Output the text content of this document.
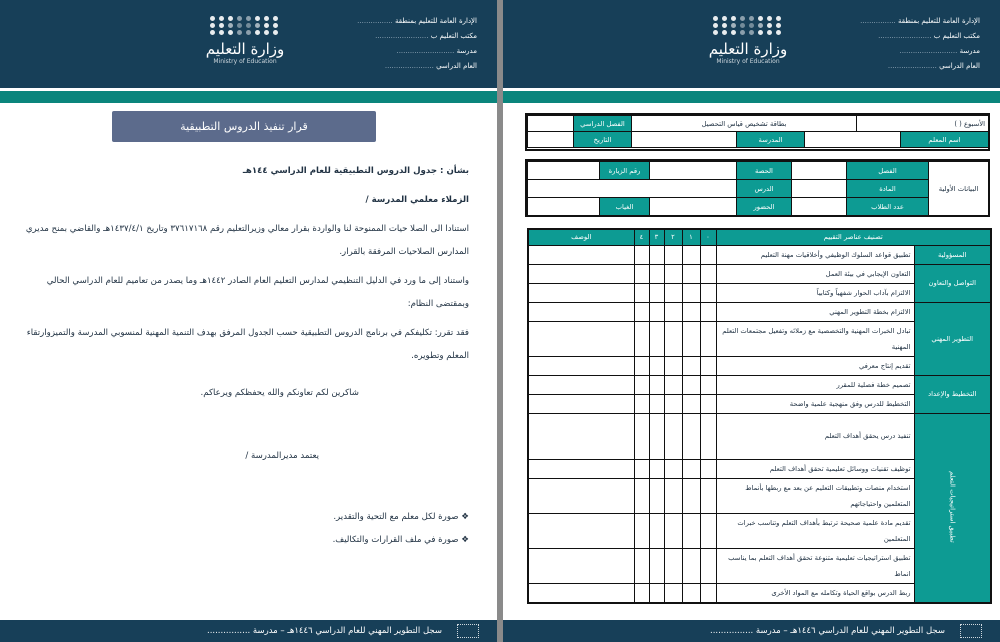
الإدارة العامة للتعليم بمنطقة ................
مكتب التعليم ب ........................
مدرسة ..........................
العام الدراسي ......................
وزارة التعليم
Ministry of Education
سجل التطوير المهني للعام الدراسي ١٤٤٦هـ – مدرسة ................
قرار تنفيذ الدروس التطبيقية

بشأن : جدول الدروس التطبيقية للعام الدراسي ١٤٤هـ

الزملاء معلمي المدرسة /

استنادا الى الصلا حيات الممنوحة لنا والواردة بقرار معالي وزيرالتعليم رقم ٣٧٦١٧١٦٨ وتاريخ ١٤٣٧/٤/١هـ والقاضي بمنح مديري المدارس الصلاحيات المرفقة بالقرار.

واستناد إلى ما ورد في الدليل التنظيمي لمدارس التعليم العام الصادر ١٤٤٢هـ وما يصدر من تعاميم للعام الدراسي الحالي وبمقتضى النظام:

فقد تقرر: تكليفكم في برنامج الدروس التطبيقية حسب الجدول المرفق بهدف التنمية المهنية لمنسوبي المدرسة والتميزوارتقاء المعلم وتطويره.

شاكرين لكم تعاونكم والله يحفظكم ويرعاكم.

يعتمد مديرالمدرسة /

❖ صورة لكل معلم مع التحية والتقدير.

❖ صورة في ملف القرارات والتكاليف.

الإدارة العامة للتعليم بمنطقة ................
مكتب التعليم ب ........................
مدرسة ..........................
العام الدراسي ......................
وزارة التعليم
Ministry of Education
سجل التطوير المهني للعام الدراسي ١٤٤٦هـ – مدرسة ................
الأسبوع ( )		بطاقة تشخيص قياس التحصيل			الفصل الدراسي	
اسم المعلم			المدرسة		التاريخ	
البيانات الأولية	الفصل		الحصة		رقم الزيارة	
	المادة		الدرس			
	عدد الطلاب		الحضور		الغياب	
تصنيف عناصر التقييم		٠	١	٢	٣	٤	الوصف
المسؤولية	تطبيق قواعد السلوك الوظيفي وأخلاقيات مهنة التعليم						
التواصل والتعاون	التعاون الإيجابي في بيئة العمل						
	الالتزام بآداب الحوار شفهياً وكتابياً						
التطوير المهني	الالتزام بخطة التطوير المهني						
	تبادل الخبرات المهنية والتخصصية مع زملائه وتفعيل مجتمعات التعلم المهنية						
	تقديم إنتاج معرفي						
التخطيط والإعداد	تصميم خطة فصلية للمقرر						
	التخطيط للدرس وفق منهجية علمية واضحة						
تطبيق استراتيجيات التعلم	تنفيذ درس يحقق أهداف التعلم						
	توظيف تقنيات ووسائل تعليمية تحقق أهداف التعلم						
	استخدام منصات وتطبيقات التعليم عن بعد مع ربطها بأنماط المتعلمين واحتياجاتهم						
	تقديم مادة علمية صحيحة ترتبط بأهداف التعلم وتناسب خبرات المتعلمين						
	تطبيق استراتيجيات تعليمية متنوعة تحقق أهداف التعلم بما يناسب انماط						
	ربط الدرس بواقع الحياة وتكامله مع المواد الأخرى						
